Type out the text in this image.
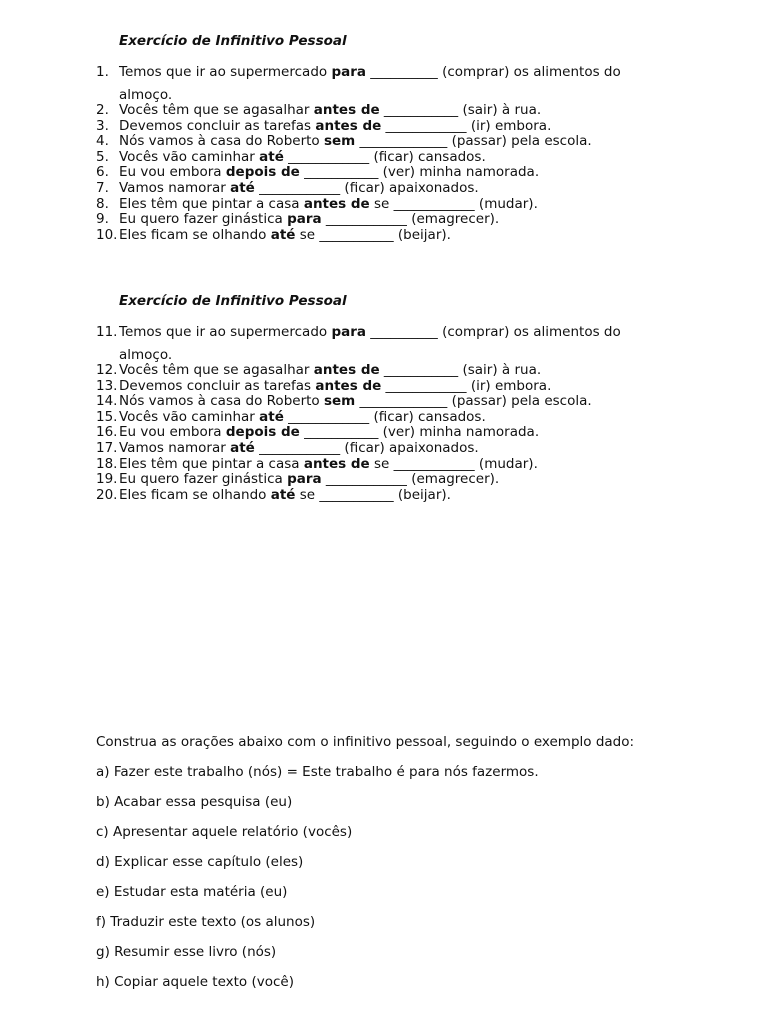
Exercício de Infinitivo Pessoal
1. Temos que ir ao supermercado para __________ (comprar) os alimentos do
almoço.
2. Vocês têm que se agasalhar antes de ___________ (sair) à rua.
3. Devemos concluir as tarefas antes de ____________ (ir) embora.
4. Nós vamos à casa do Roberto sem _____________ (passar) pela escola.
5. Vocês vão caminhar até ____________ (ficar) cansados.
6. Eu vou embora depois de ___________ (ver) minha namorada.
7. Vamos namorar até ____________ (ficar) apaixonados.
8. Eles têm que pintar a casa antes de se ____________ (mudar).
9. Eu quero fazer ginástica para ____________ (emagrecer).
10. Eles ficam se olhando até se ___________ (beijar).
Exercício de Infinitivo Pessoal
11. Temos que ir ao supermercado para __________ (comprar) os alimentos do
almoço.
12. Vocês têm que se agasalhar antes de ___________ (sair) à rua.
13. Devemos concluir as tarefas antes de ____________ (ir) embora.
14. Nós vamos à casa do Roberto sem _____________ (passar) pela escola.
15. Vocês vão caminhar até ____________ (ficar) cansados.
16. Eu vou embora depois de ___________ (ver) minha namorada.
17. Vamos namorar até ____________ (ficar) apaixonados.
18. Eles têm que pintar a casa antes de se ____________ (mudar).
19. Eu quero fazer ginástica para ____________ (emagrecer).
20. Eles ficam se olhando até se ___________ (beijar).
Construa as orações abaixo com o infinitivo pessoal, seguindo o exemplo dado:
a) Fazer este trabalho (nós) = Este trabalho é para nós fazermos.
b) Acabar essa pesquisa (eu)
c) Apresentar aquele relatório (vocês)
d) Explicar esse capítulo (eles)
e) Estudar esta matéria (eu)
f) Traduzir este texto (os alunos)
g) Resumir esse livro (nós)
h) Copiar aquele texto (você)
